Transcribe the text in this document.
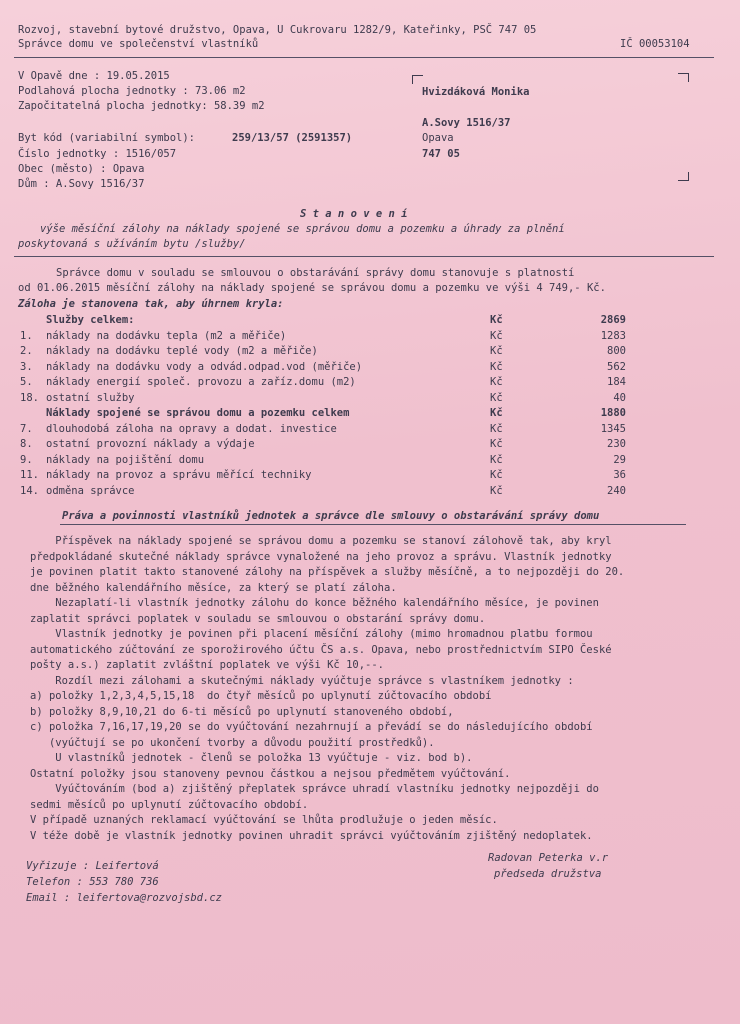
Rozvoj, stavební bytové družstvo, Opava, U Cukrovaru 1282/9, Kateřinky, PSČ 747 05
Správce domu ve společenství vlastníků	IČ 00053104
V Opavě dne : 19.05.2015
Podlahová plocha jednotky : 73.06 m2
Započitatelná plocha jednotky: 58.39 m2
Byt kód (variabilní symbol):	259/13/57 (2591357)
Číslo jednotky : 1516/057
Obec (město) : Opava
Dům : A.Sovy 1516/37
Hvizdáková Monika
A.Sovy 1516/37
Opava
747 05
S t a n o v e n í
výše měsíční zálohy na náklady spojené se správou domu a pozemku a úhrady za plnění
poskytovaná s užíváním bytu /služby/
Správce domu v souladu se smlouvou o obstarávání správy domu stanovuje s platností
od 01.06.2015 měsíční zálohy na náklady spojené se správou domu a pozemku ve výši 4 749,- Kč.
Záloha je stanovena tak, aby úhrnem kryla:
Služby celkem:	Kč	2869
1.	náklady na dodávku tepla (m2 a měřiče)	Kč	1283
2.	náklady na dodávku teplé vody (m2 a měřiče)	Kč	800
3.	náklady na dodávku vody a odvád.odpad.vod (měřiče)	Kč	562
5.	náklady energií společ. provozu a zaříz.domu (m2)	Kč	184
18. ostatní služby	Kč	40
Náklady spojené se správou domu a pozemku celkem	Kč	1880
7.	dlouhodobá záloha na opravy a dodat. investice	Kč	1345
8.	ostatní provozní náklady a výdaje	Kč	230
9.	náklady na pojištění domu	Kč	29
11. náklady na provoz a správu měřící techniky	Kč	36
14. odměna správce	Kč	240
Práva a povinnosti vlastníků jednotek a správce dle smlouvy o obstarávání správy domu
Příspěvek na náklady spojené se správou domu a pozemku se stanoví zálohově tak, aby kryl
předpokládané skutečné náklady správce vynaložené na jeho provoz a správu. Vlastník jednotky
je povinen platit takto stanovené zálohy na příspěvek a služby měsíčně, a to nejpozději do 20.
dne běžného kalendářního měsíce, za který se platí záloha.
Nezaplatí-li vlastník jednotky zálohu do konce běžného kalendářního měsíce, je povinen
zaplatit správci poplatek v souladu se smlouvou o obstarání správy domu.
Vlastník jednotky je povinen při placení měsíční zálohy (mimo hromadnou platbu formou
automatického zúčtování ze sporožirového účtu ČS a.s. Opava, nebo prostřednictvím SIPO České
pošty a.s.) zaplatit zvláštní poplatek ve výši Kč 10,--.
Rozdíl mezi zálohami a skutečnými náklady vyúčtuje správce s vlastníkem jednotky :
a) položky 1,2,3,4,5,15,18  do čtyř měsíců po uplynutí zúčtovacího období
b) položky 8,9,10,21 do 6-ti měsíců po uplynutí stanoveného období,
c) položka 7,16,17,19,20 se do vyúčtování nezahrnují a převádí se do následujícího období
(vyúčtují se po ukončení tvorby a důvodu použití prostředků).
U vlastníků jednotek - členů se položka 13 vyúčtuje - viz. bod b).
Ostatní položky jsou stanoveny pevnou částkou a nejsou předmětem vyúčtování.
Vyúčtováním (bod a) zjištěný přeplatek správce uhradí vlastníku jednotky nejpozději do
sedmi měsíců po uplynutí zúčtovacího období.
V případě uznaných reklamací vyúčtování se lhůta prodlužuje o jeden měsíc.
V téže době je vlastník jednotky povinen uhradit správci vyúčtováním zjištěný nedoplatek.
Vyřizuje : Leifertová
Telefon : 553 780 736
Email : leifertova@rozvojsbd.cz
Radovan Peterka v.r
předseda družstva
